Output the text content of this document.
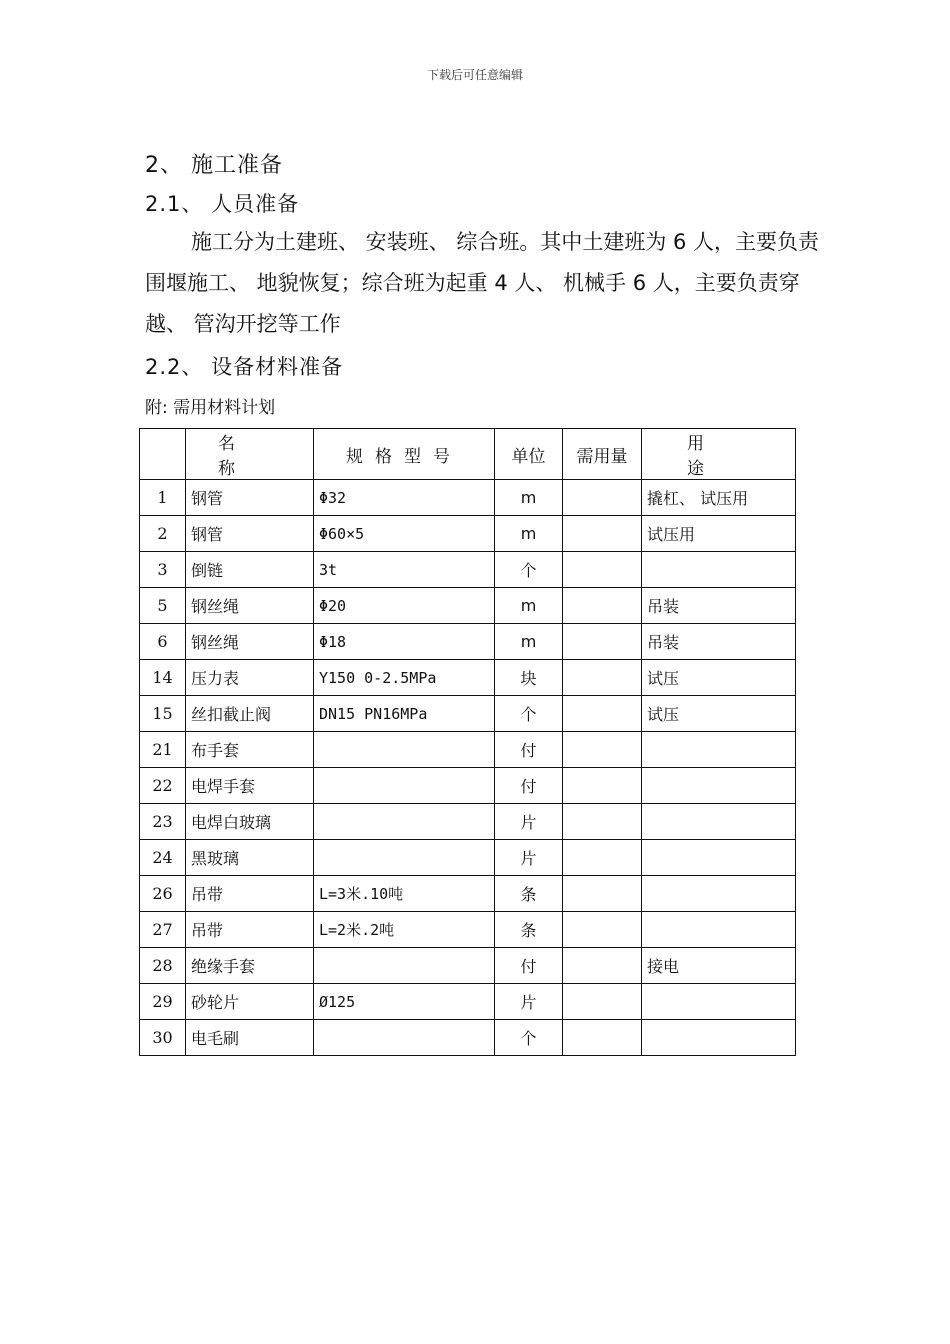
下载后可任意编辑
2、 施工准备
2.1、 人员准备
施工分为土建班、 安装班、 综合班。其中土建班为 6 人，主要负责围堰施工、 地貌恢复；综合班为起重 4 人、 机械手 6 人，主要负责穿越、 管沟开挖等工作
2.2、 设备材料准备
附: 需用材料计划
	名 称	规格型号	单位	需用量	用 途
1	钢管	Φ32	m		撬杠、 试压用
2	钢管	Φ60×5	m		试压用
3	倒链	3t	个		
5	钢丝绳	Φ20	m		吊装
6	钢丝绳	Φ18	m		吊装
14	压力表	Y150 0-2.5MPa	块		试压
15	丝扣截止阀	DN15 PN16MPa	个		试压
21	布手套		付		
22	电焊手套		付		
23	电焊白玻璃		片		
24	黑玻璃		片		
26	吊带	L=3米.10吨	条		
27	吊带	L=2米.2吨	条		
28	绝缘手套		付		接电
29	砂轮片	Ø125	片		
30	电毛刷		个		
